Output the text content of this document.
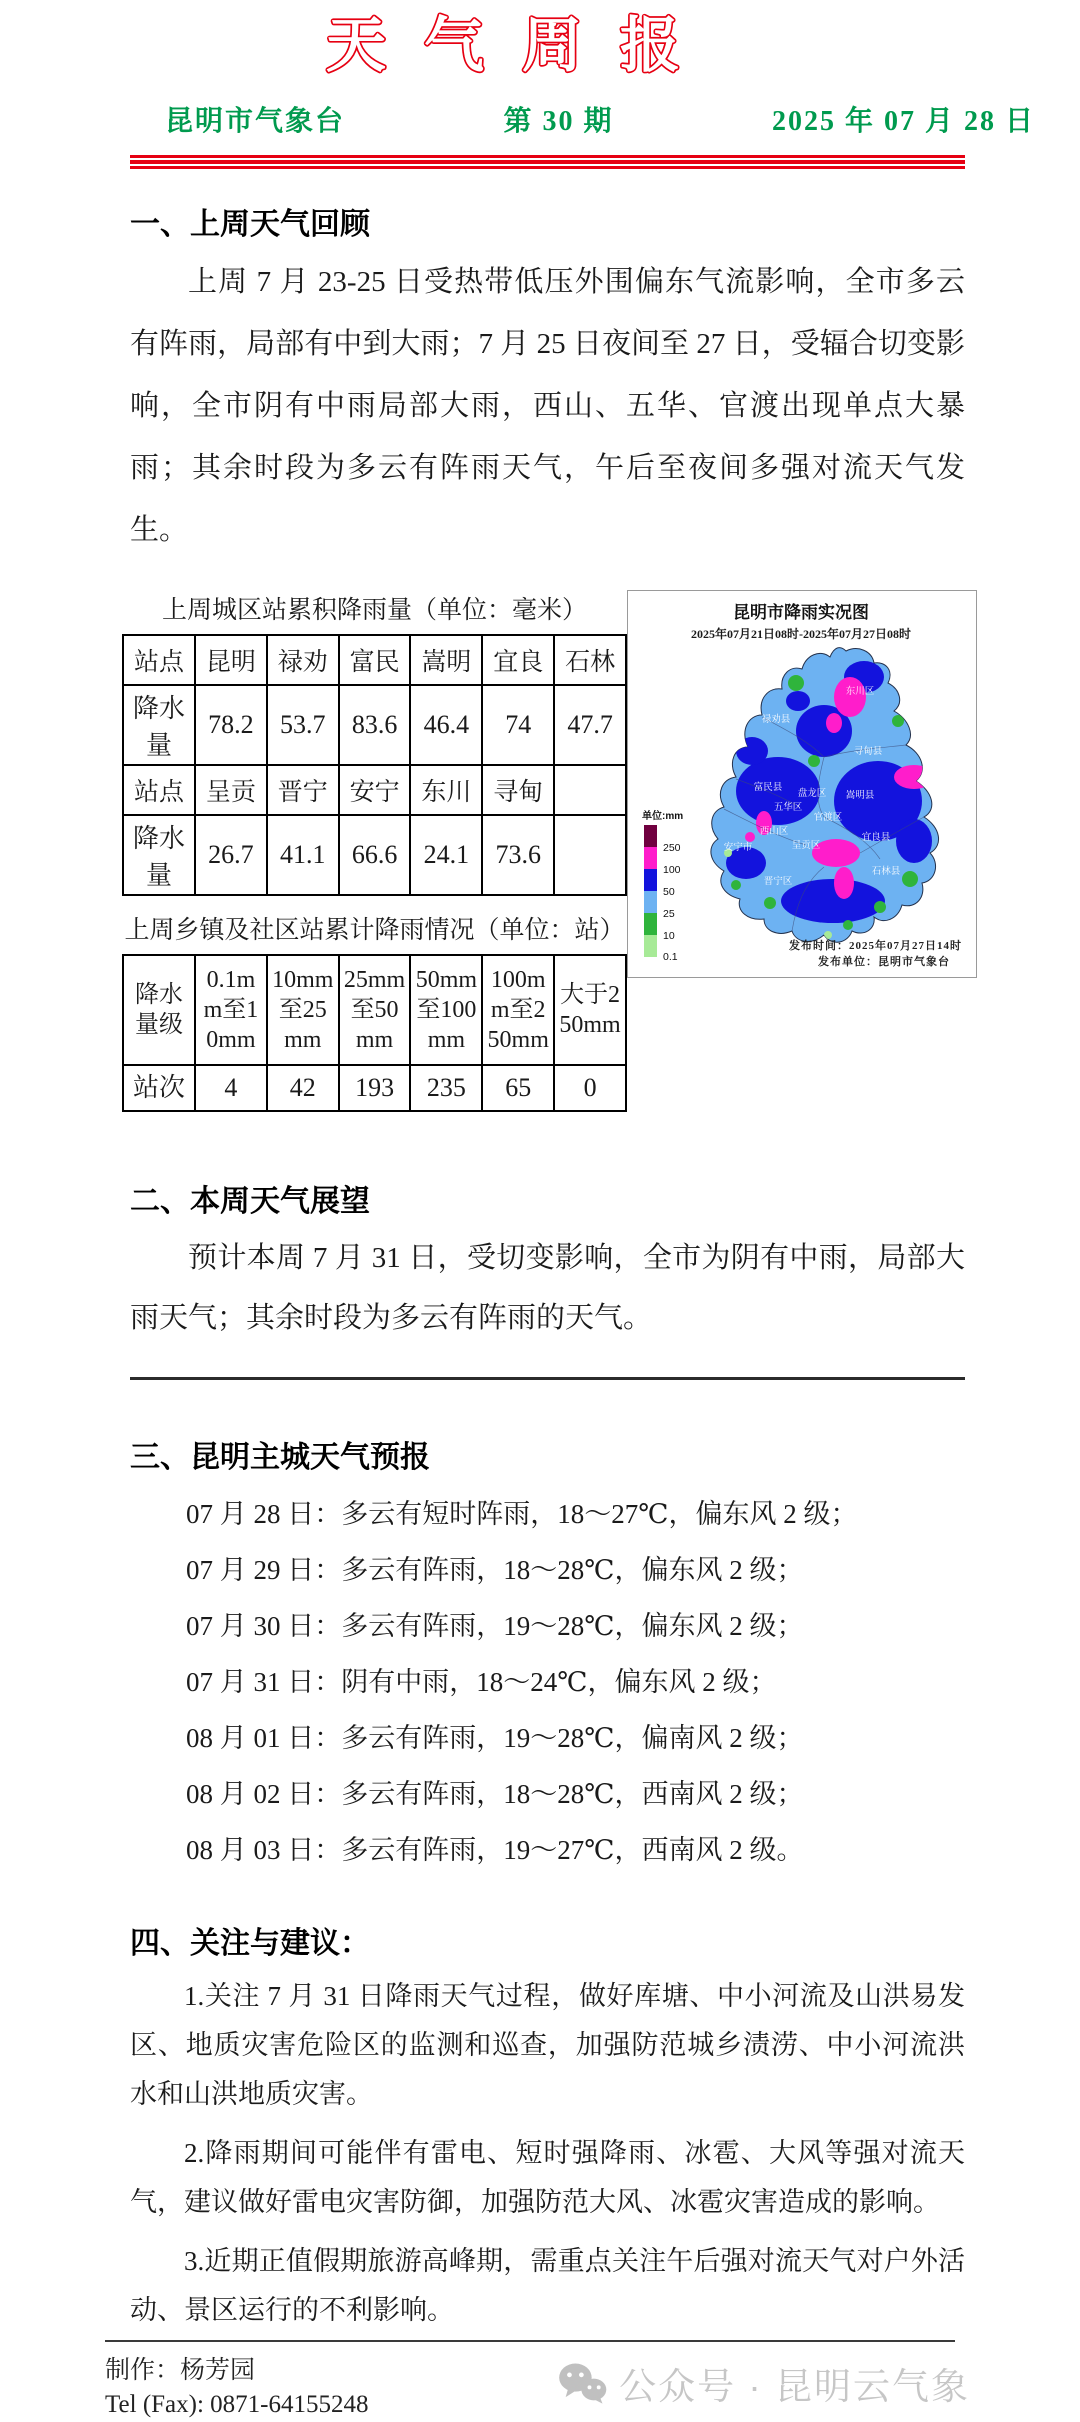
天气周报
昆明市气象台	第 30 期	2025 年 07 月 28 日
一、上周天气回顾

上周 7 月 23-25 日受热带低压外围偏东气流影响，全市多云有阵雨，局部有中到大雨；7 月 25 日夜间至 27 日，受辐合切变影响，全市阴有中雨局部大雨，西山、五华、官渡出现单点大暴雨；其余时段为多云有阵雨天气，午后至夜间多强对流天气发生。

上周城区站累积降雨量（单位：毫米）
站点	昆明	禄劝	富民	嵩明	宜良	石林
降水量	78.2	53.7	83.6	46.4	74	47.7
站点	呈贡	晋宁	安宁	东川	寻甸	
降水量	26.7	41.1	66.6	24.1	73.6	
上周乡镇及社区站累计降雨情况（单位：站）
降水量级	0.1mm至10mm	10mm至25mm	25mm至50mm	50mm至100mm	100mm至250mm	大于250mm
站次	4	42	193	235	65	0
昆明市降雨实况图
2025年07月21日08时-2025年07月27日08时
东川区
禄劝县
寻甸县
富民县
盘龙区 嵩明县
五华区
官渡区
西山区
宜良县
安宁市	呈贡区
晋宁区
石林县
单位:mm
250
100
50
25
10
0.1
发布时间：2025年07月27日14时
发布单位：昆明市气象台
二、本周天气展望

预计本周 7 月 31 日，受切变影响，全市为阴有中雨，局部大雨天气；其余时段为多云有阵雨的天气。

三、昆明主城天气预报
07 月 28 日：多云有短时阵雨，18～27℃，偏东风 2 级；
07 月 29 日：多云有阵雨，18～28℃，偏东风 2 级；
07 月 30 日：多云有阵雨，19～28℃，偏东风 2 级；
07 月 31 日：阴有中雨，18～24℃，偏东风 2 级；
08 月 01 日：多云有阵雨，19～28℃，偏南风 2 级；
08 月 02 日：多云有阵雨，18～28℃，西南风 2 级；
08 月 03 日：多云有阵雨，19～27℃，西南风 2 级。
四、关注与建议：

1.关注 7 月 31 日降雨天气过程，做好库塘、中小河流及山洪易发区、地质灾害危险区的监测和巡查，加强防范城乡渍涝、中小河流洪水和山洪地质灾害。

2.降雨期间可能伴有雷电、短时强降雨、冰雹、大风等强对流天气，建议做好雷电灾害防御，加强防范大风、冰雹灾害造成的影响。

3.近期正值假期旅游高峰期，需重点关注午后强对流天气对户外活动、景区运行的不利影响。

制作：杨芳园
Tel (Fax): 0871-64155248	公众号 · 昆明云气象
